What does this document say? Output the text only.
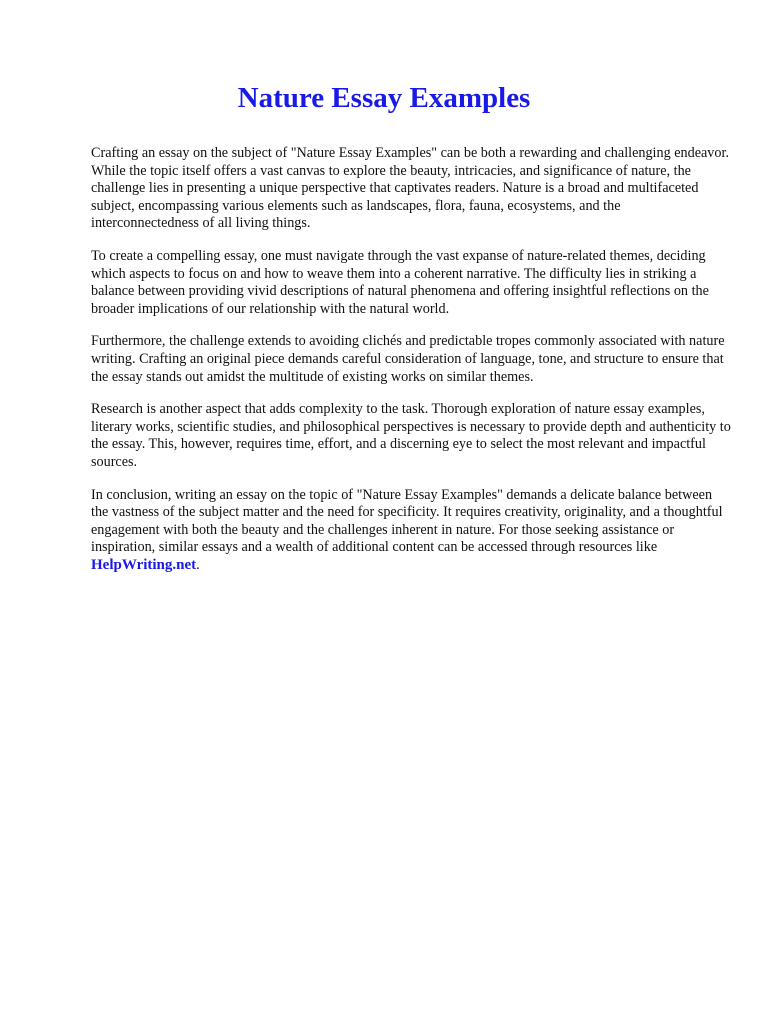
Nature Essay Examples

Crafting an essay on the subject of "Nature Essay Examples" can be both a rewarding and challenging endeavor. While the topic itself offers a vast canvas to explore the beauty, intricacies, and significance of nature, the challenge lies in presenting a unique perspective that captivates readers. Nature is a broad and multifaceted subject, encompassing various elements such as landscapes, flora, fauna, ecosystems, and the interconnectedness of all living things.

To create a compelling essay, one must navigate through the vast expanse of nature-related themes, deciding which aspects to focus on and how to weave them into a coherent narrative. The difficulty lies in striking a balance between providing vivid descriptions of natural phenomena and offering insightful reflections on the broader implications of our relationship with the natural world.

Furthermore, the challenge extends to avoiding clichés and predictable tropes commonly associated with nature writing. Crafting an original piece demands careful consideration of language, tone, and structure to ensure that the essay stands out amidst the multitude of existing works on similar themes.

Research is another aspect that adds complexity to the task. Thorough exploration of nature essay examples, literary works, scientific studies, and philosophical perspectives is necessary to provide depth and authenticity to the essay. This, however, requires time, effort, and a discerning eye to select the most relevant and impactful sources.

In conclusion, writing an essay on the topic of "Nature Essay Examples" demands a delicate balance between the vastness of the subject matter and the need for specificity. It requires creativity, originality, and a thoughtful engagement with both the beauty and the challenges inherent in nature. For those seeking assistance or inspiration, similar essays and a wealth of additional content can be accessed through resources like HelpWriting.net.
